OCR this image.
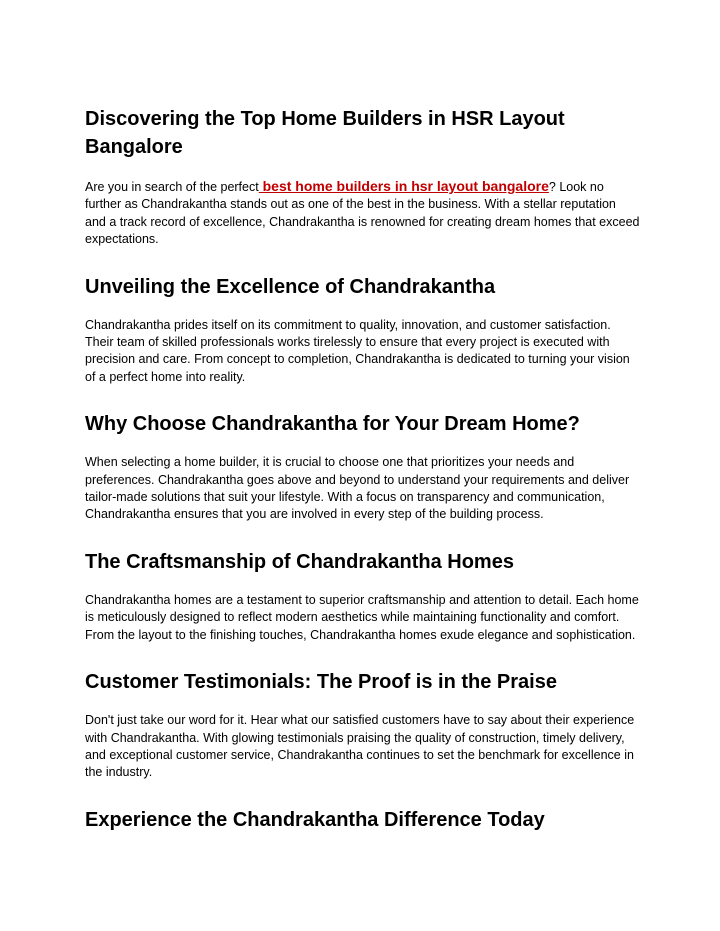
Discovering the Top Home Builders in HSR Layout Bangalore

Are you in search of the perfect best home builders in hsr layout bangalore? Look no further as Chandrakantha stands out as one of the best in the business. With a stellar reputation and a track record of excellence, Chandrakantha is renowned for creating dream homes that exceed expectations.

Unveiling the Excellence of Chandrakantha

Chandrakantha prides itself on its commitment to quality, innovation, and customer satisfaction. Their team of skilled professionals works tirelessly to ensure that every project is executed with precision and care. From concept to completion, Chandrakantha is dedicated to turning your vision of a perfect home into reality.

Why Choose Chandrakantha for Your Dream Home?

When selecting a home builder, it is crucial to choose one that prioritizes your needs and preferences. Chandrakantha goes above and beyond to understand your requirements and deliver tailor-made solutions that suit your lifestyle. With a focus on transparency and communication, Chandrakantha ensures that you are involved in every step of the building process.

The Craftsmanship of Chandrakantha Homes

Chandrakantha homes are a testament to superior craftsmanship and attention to detail. Each home is meticulously designed to reflect modern aesthetics while maintaining functionality and comfort. From the layout to the finishing touches, Chandrakantha homes exude elegance and sophistication.

Customer Testimonials: The Proof is in the Praise

Don't just take our word for it. Hear what our satisfied customers have to say about their experience with Chandrakantha. With glowing testimonials praising the quality of construction, timely delivery, and exceptional customer service, Chandrakantha continues to set the benchmark for excellence in the industry.

Experience the Chandrakantha Difference Today
